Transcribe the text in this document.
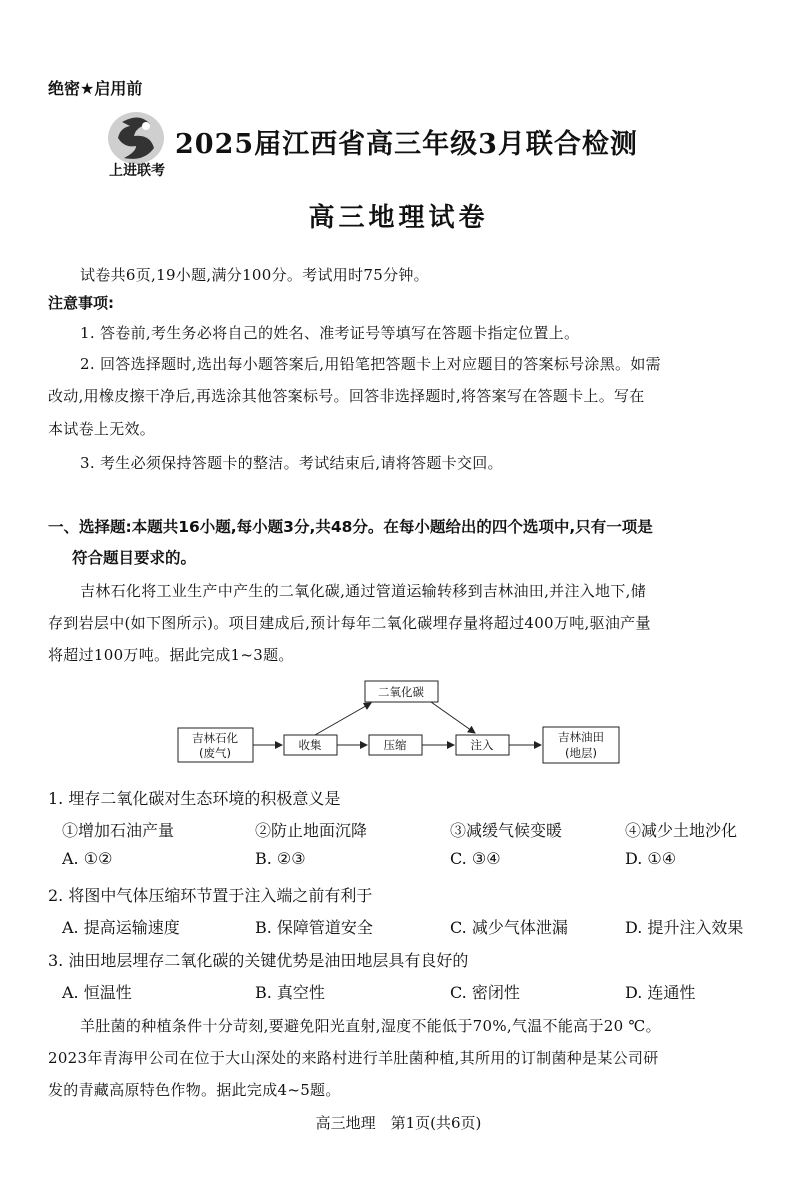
绝密★启用前
上进联考
2025届江西省高三年级3月联合检测
高三地理试卷
试卷共6页,19小题,满分100分。考试用时75分钟。
注意事项:
1. 答卷前,考生务必将自己的姓名、准考证号等填写在答题卡指定位置上。
2. 回答选择题时,选出每小题答案后,用铅笔把答题卡上对应题目的答案标号涂黑。如需
改动,用橡皮擦干净后,再选涂其他答案标号。回答非选择题时,将答案写在答题卡上。写在
本试卷上无效。
3. 考生必须保持答题卡的整洁。考试结束后,请将答题卡交回。
一、选择题:本题共16小题,每小题3分,共48分。在每小题给出的四个选项中,只有一项是
符合题目要求的。
吉林石化将工业生产中产生的二氧化碳,通过管道运输转移到吉林油田,并注入地下,储
存到岩层中(如下图所示)。项目建成后,预计每年二氧化碳埋存量将超过400万吨,驱油产量
将超过100万吨。据此完成1~3题。
吉林石化
(废气)
收集	压缩	注入
二氧化碳
吉林油田
(地层)
1. 埋存二氧化碳对生态环境的积极意义是
①增加石油产量	②防止地面沉降	③减缓气候变暖	④减少土地沙化
A. ①②	B. ②③	C. ③④	D. ①④
2. 将图中气体压缩环节置于注入端之前有利于
A. 提高运输速度	B. 保障管道安全	C. 减少气体泄漏	D. 提升注入效果
3. 油田地层埋存二氧化碳的关键优势是油田地层具有良好的
A. 恒温性	B. 真空性	C. 密闭性	D. 连通性
羊肚菌的种植条件十分苛刻,要避免阳光直射,湿度不能低于70%,气温不能高于20 ℃。
2023年青海甲公司在位于大山深处的来路村进行羊肚菌种植,其所用的订制菌种是某公司研
发的青藏高原特色作物。据此完成4~5题。
高三地理　第1页(共6页)
